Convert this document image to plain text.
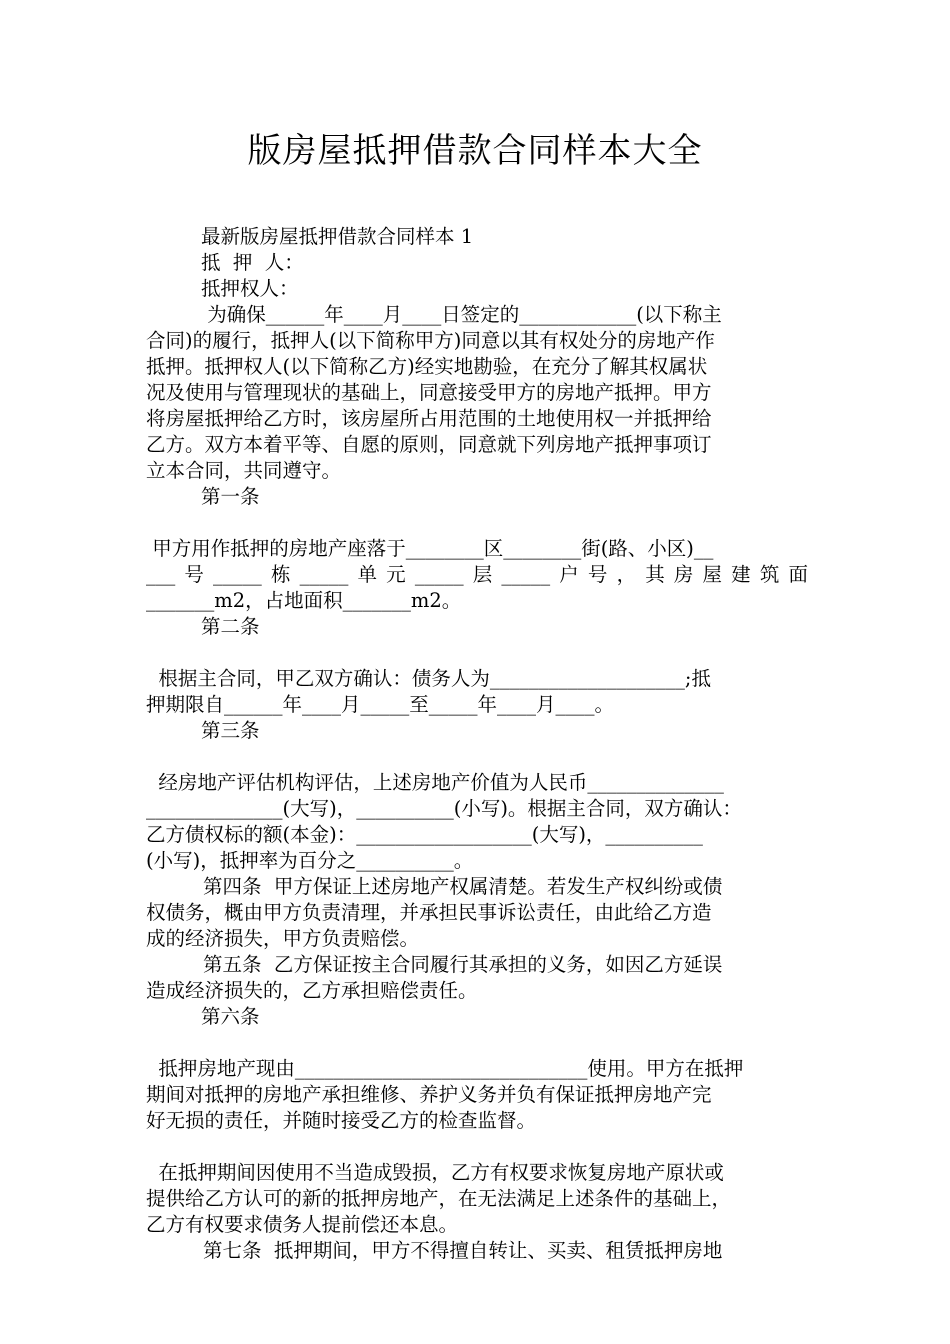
版房屋抵押借款合同样本大全
最新版房屋抵押借款合同样本 1
抵  押  人：
抵押权人：
为确保______年____月____日签定的____________(以下称主
合同)的履行，抵押人(以下简称甲方)同意以其有权处分的房地产作
抵押。抵押权人(以下简称乙方)经实地勘验，在充分了解其权属状
况及使用与管理现状的基础上，同意接受甲方的房地产抵押。甲方
将房屋抵押给乙方时，该房屋所占用范围的土地使用权一并抵押给
乙方。双方本着平等、自愿的原则，同意就下列房地产抵押事项订
立本合同，共同遵守。
第一条
甲方用作抵押的房地产座落于________区________街(路、小区)__
___号_____栋_____单元_____层_____户号，其房屋建筑面
_______m2，占地面积_______m2。
第二条
根据主合同，甲乙双方确认：债务人为____________________;抵
押期限自______年____月_____至_____年____月____。
第三条
经房地产评估机构评估，上述房地产价值为人民币______________
______________(大写)，__________(小写)。根据主合同，双方确认：
乙方债权标的额(本金)：__________________(大写)，__________
(小写)，抵押率为百分之__________。
第四条  甲方保证上述房地产权属清楚。若发生产权纠纷或债
权债务，概由甲方负责清理，并承担民事诉讼责任，由此给乙方造
成的经济损失，甲方负责赔偿。
第五条  乙方保证按主合同履行其承担的义务，如因乙方延误
造成经济损失的，乙方承担赔偿责任。
第六条
抵押房地产现由______________________________使用。甲方在抵押
期间对抵押的房地产承担维修、养护义务并负有保证抵押房地产完
好无损的责任，并随时接受乙方的检查监督。
在抵押期间因使用不当造成毁损，乙方有权要求恢复房地产原状或
提供给乙方认可的新的抵押房地产，在无法满足上述条件的基础上，
乙方有权要求债务人提前偿还本息。
第七条  抵押期间，甲方不得擅自转让、买卖、租赁抵押房地
